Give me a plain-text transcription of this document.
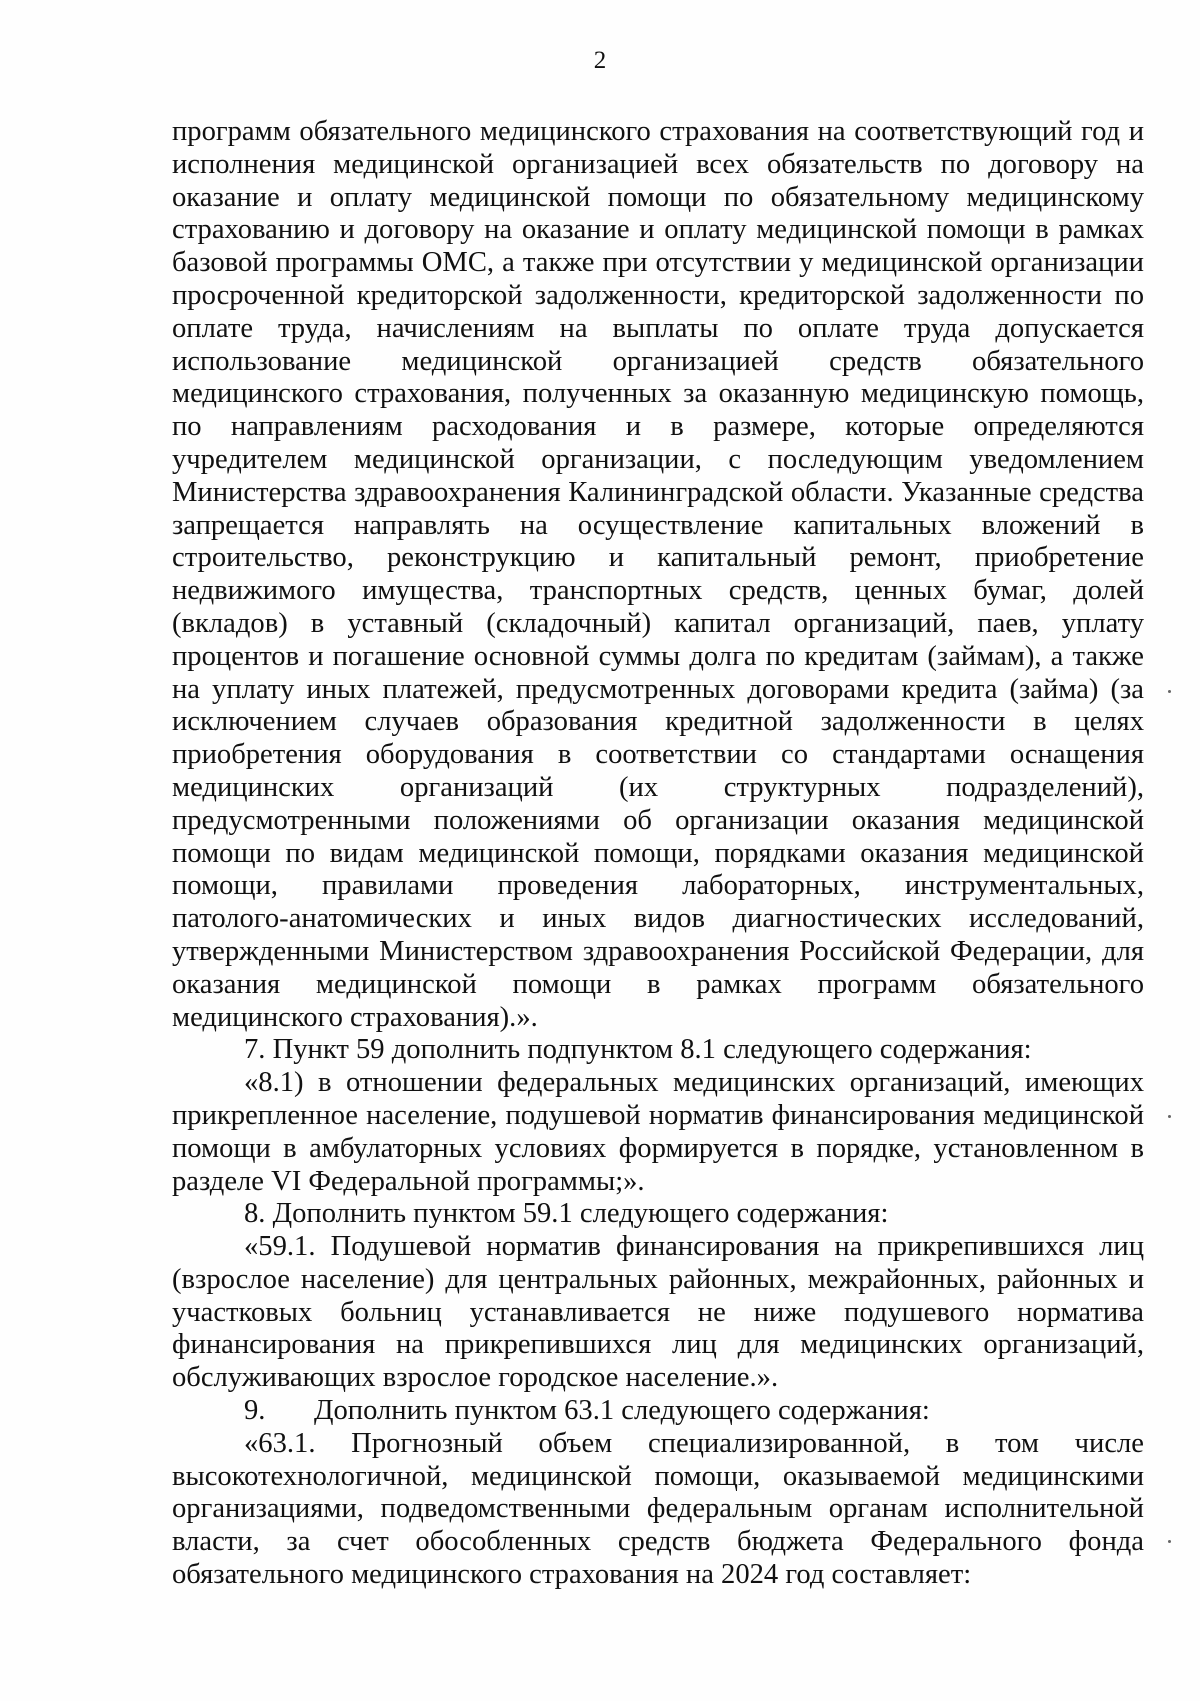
2
программ обязательного медицинского страхования на соответствующий год и
исполнения медицинской организацией всех обязательств по договору на
оказание и оплату медицинской помощи по обязательному медицинскому
страхованию и договору на оказание и оплату медицинской помощи в рамках
базовой программы ОМС, а также при отсутствии у медицинской организации
просроченной кредиторской задолженности, кредиторской задолженности по
оплате труда, начислениям на выплаты по оплате труда допускается
использование медицинской организацией средств обязательного
медицинского страхования, полученных за оказанную медицинскую помощь,
по направлениям расходования и в размере, которые определяются
учредителем медицинской организации, с последующим уведомлением
Министерства здравоохранения Калининградской области. Указанные средства
запрещается направлять на осуществление капитальных вложений в
строительство, реконструкцию и капитальный ремонт, приобретение
недвижимого имущества, транспортных средств, ценных бумаг, долей
(вкладов) в уставный (складочный) капитал организаций, паев, уплату
процентов и погашение основной суммы долга по кредитам (займам), а также
на уплату иных платежей, предусмотренных договорами кредита (займа) (за
исключением случаев образования кредитной задолженности в целях
приобретения оборудования в соответствии со стандартами оснащения
медицинских организаций (их структурных подразделений),
предусмотренными положениями об организации оказания медицинской
помощи по видам медицинской помощи, порядками оказания медицинской
помощи, правилами проведения лабораторных, инструментальных,
патолого-анатомических и иных видов диагностических исследований,
утвержденными Министерством здравоохранения Российской Федерации, для
оказания медицинской помощи в рамках программ обязательного
медицинского страхования).».
7. Пункт 59 дополнить подпунктом 8.1 следующего содержания:
«8.1) в отношении федеральных медицинских организаций, имеющих
прикрепленное население, подушевой норматив финансирования медицинской
помощи в амбулаторных условиях формируется в порядке, установленном в
разделе VI Федеральной программы;».
8. Дополнить пунктом 59.1 следующего содержания:
«59.1. Подушевой норматив финансирования на прикрепившихся лиц
(взрослое население) для центральных районных, межрайонных, районных и
участковых больниц устанавливается не ниже подушевого норматива
финансирования на прикрепившихся лиц для медицинских организаций,
обслуживающих взрослое городское население.».
9. Дополнить пунктом 63.1 следующего содержания:
«63.1. Прогнозный объем специализированной, в том числе
высокотехнологичной, медицинской помощи, оказываемой медицинскими
организациями, подведомственными федеральным органам исполнительной
власти, за счет обособленных средств бюджета Федерального фонда
обязательного медицинского страхования на 2024 год составляет:
